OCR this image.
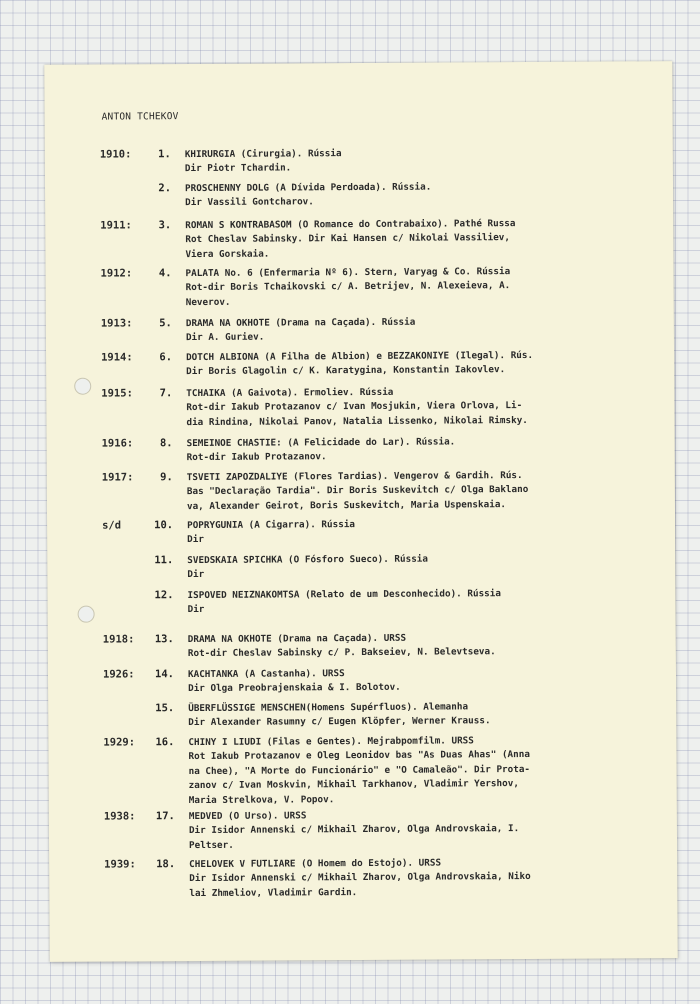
ANTON TCHEKOV
1910:	1. KHIRURGIA (Cirurgia). Rússia
Dir Piotr Tchardin.
2. PROSCHENNY DOLG (A Dívida Perdoada). Rússia.
Dir Vassili Gontcharov.
1911:	3. ROMAN S KONTRABASOM (O Romance do Contrabaixo). Pathé Russa
Rot Cheslav Sabinsky. Dir Kai Hansen c/ Nikolai Vassiliev,
Viera Gorskaia.
1912:	4. PALATA No. 6 (Enfermaria Nº 6). Stern, Varyag & Co. Rússia
Rot-dir Boris Tchaikovski c/ A. Betrijev, N. Alexeieva, A.
Neverov.
1913:	5. DRAMA NA OKHOTE (Drama na Caçada). Rússia
Dir A. Guriev.
1914:	6. DOTCH ALBIONA (A Filha de Albion) e BEZZAKONIYE (Ilegal). Rús.
Dir Boris Glagolin c/ K. Karatygina, Konstantin Iakovlev.
1915:	7. TCHAIKA (A Gaivota). Ermoliev. Rússia
Rot-dir Iakub Protazanov c/ Ivan Mosjukin, Viera Orlova, Li-
dia Rindina, Nikolai Panov, Natalia Lissenko, Nikolai Rimsky.
1916:	8. SEMEINOE CHASTIE: (A Felicidade do Lar). Rússia.
Rot-dir Iakub Protazanov.
1917:	9. TSVETI ZAPOZDALIYE (Flores Tardias). Vengerov & Gardih. Rús.
Bas "Declaração Tardia". Dir Boris Suskevitch c/ Olga Baklano
va, Alexander Geirot, Boris Suskevitch, Maria Uspenskaia.
s/d	10. POPRYGUNIA (A Cigarra). Rússia
Dir
11. SVEDSKAIA SPICHKA (O Fósforo Sueco). Rússia
Dir
12. ISPOVED NEIZNAKOMTSA (Relato de um Desconhecido). Rússia
Dir
1918: 13. DRAMA NA OKHOTE (Drama na Caçada). URSS
Rot-dir Cheslav Sabinsky c/ P. Bakseiev, N. Belevtseva.
1926: 14. KACHTANKA (A Castanha). URSS
Dir Olga Preobrajenskaia & I. Bolotov.
15. ÜBERFLÜSSIGE MENSCHEN(Homens Supérfluos). Alemanha
Dir Alexander Rasumny c/ Eugen Klöpfer, Werner Krauss.
1929: 16. CHINY I LIUDI (Filas e Gentes). Mejrabpomfilm. URSS
Rot Iakub Protazanov e Oleg Leonidov bas "As Duas Ahas" (Anna
na Chee), "A Morte do Funcionário" e "O Camaleão". Dir Prota-
zanov c/ Ivan Moskvin, Mikhail Tarkhanov, Vladimir Yershov,
Maria Strelkova, V. Popov.
1938: 17. MEDVED (O Urso). URSS
Dir Isidor Annenski c/ Mikhail Zharov, Olga Androvskaia, I.
Peltser.
1939: 18. CHELOVEK V FUTLIARE (O Homem do Estojo). URSS
Dir Isidor Annenski c/ Mikhail Zharov, Olga Androvskaia, Niko
lai Zhmeliov, Vladimir Gardin.
